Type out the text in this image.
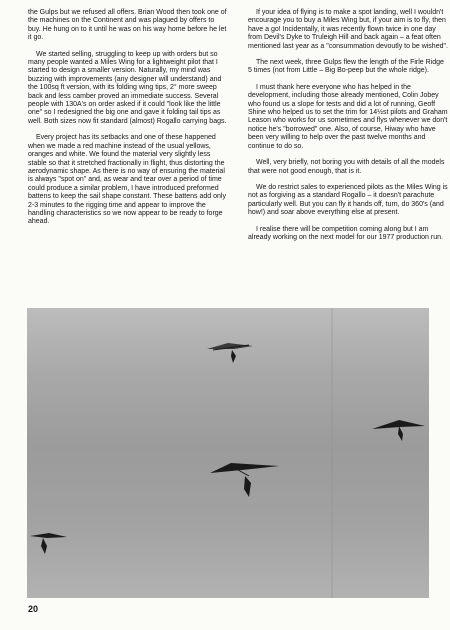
the Gulps but we refused all offers. Brian Wood then took one of the machines on the Continent and was plagued by offers to buy. He hung on to it until he was on his way home before he let it go.

We started selling, struggling to keep up with orders but so many people wanted a Miles Wing for a lightweight pilot that I started to design a smaller version. Naturally, my mind was buzzing with improvements (any designer will understand) and the 100sq ft version, with its folding wing tips, 2° more sweep back and less camber proved an immediate success. Several people with 130A's on order asked if it could "look like the little one" so I redesigned the big one and gave it folding tail tips as well. Both sizes now fit standard (almost) Rogallo carrying bags.

Every project has its setbacks and one of these happened when we made a red machine instead of the usual yellows, oranges and white. We found the material very slightly less stable so that it stretched fractionally in flight, thus distorting the aerodynamic shape. As there is no way of ensuring the material is always "spot on" and, as wear and tear over a period of time could produce a similar problem, I have introduced preformed battens to keep the sail shape constant. These battens add only 2-3 minutes to the rigging time and appear to improve the handling characteristics so we now appear to be ready to forge ahead.

If your idea of flying is to make a spot landing, well I wouldn't encourage you to buy a Miles Wing but, if your aim is to fly, then have a go! Incidentally, it was recently flown twice in one day from Devil's Dyke to Truleigh Hill and back again – a feat often mentioned last year as a "consummation devoutly to be wished".

The next week, three Gulps flew the length of the Firle Ridge 5 times (not from Little – Big Bo-peep but the whole ridge).

I must thank here everyone who has helped in the development, including those already mentioned, Colin Jobey who found us a slope for tests and did a lot of running, Geoff Shine who helped us to set the trim for 14½st pilots and Graham Leason who works for us sometimes and flys whenever we don't notice he's "borrowed" one. Also, of course, Hiway who have been very willing to help over the past twelve months and continue to do so.

Well, very briefly, not boring you with details of all the models that were not good enough, that is it.

We do restrict sales to experienced pilots as the Miles Wing is not as forgiving as a standard Rogallo – it doesn't parachute particularly well. But you can fly it hands off, turn, do 360's (and how!) and soar above everything else at present.

I realise there will be competition coming along but I am already working on the next model for our 1977 production run.

20
